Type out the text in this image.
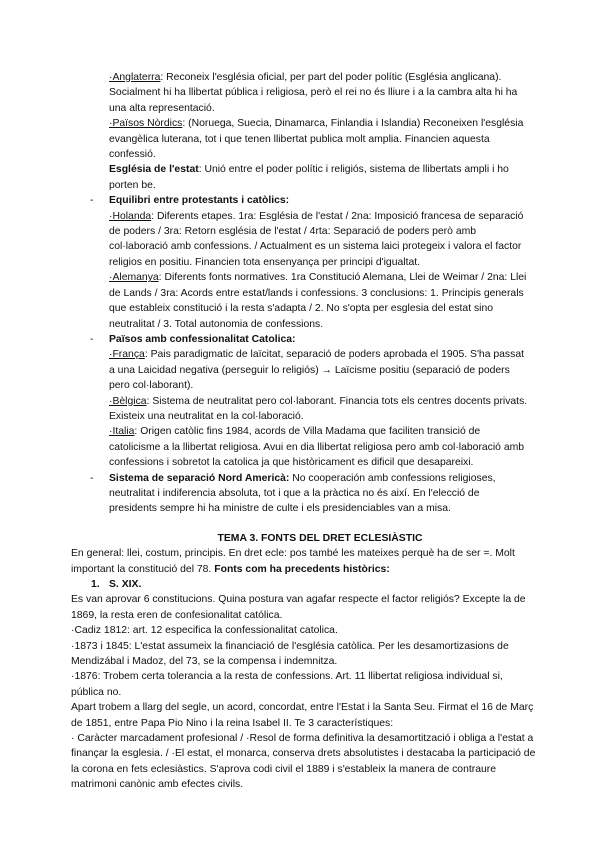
·Anglaterra: Reconeix l'església oficial, per part del poder polític (Església anglicana). Socialment hi ha llibertat pública i religiosa, però el rei no és lliure i a la cambra alta hi ha una alta representació.

·Països Nòrdics: (Noruega, Suecia, Dinamarca, Finlandia i Islandia) Reconeixen l'església evangèlica luterana, tot i que tenen llibertat publica molt amplia. Financien aquesta confessió.

Església de l'estat: Unió entre el poder polític i religiós, sistema de llibertats ampli i ho porten be.

- Equilibri entre protestants i catòlics:

·Holanda: Diferents etapes. 1ra: Església de l'estat / 2na: Imposició francesa de separació de poders / 3ra: Retorn església de l'estat / 4rta: Separació de poders però amb col·laboració amb confessions. / Actualment es un sistema laici protegeix i valora el factor religios en positiu. Financien tota ensenyança per principi d'igualtat.

·Alemanya: Diferents fonts normatives. 1ra Constitució Alemana, Llei de Weimar / 2na: Llei de Lands / 3ra: Acords entre estat/lands i confessions. 3 conclusions: 1. Principis generals que estableix constitució i la resta s'adapta / 2. No s'opta per esglesia del estat sino neutralitat / 3. Total autonomia de confessions.

- Països amb confessionalitat Catolica:

·França: Pais paradigmatic de laïcitat, separació de poders aprobada el 1905. S'ha passat a una Laicidad negativa (perseguir lo religiós) → Laïcisme positiu (separació de poders pero col·laborant).

·Bèlgica: Sistema de neutralitat pero col·laborant. Financia tots els centres docents privats. Existeix una neutralitat en la col·laboració.

·Italia: Origen catòlic fins 1984, acords de Villa Madama que faciliten transició de catolicisme a la llibertat religiosa. Avui en dia llibertat religiosa pero amb col·laboració amb confessions i sobretot la catolica ja que històricament es dificil que desapareixi.

- Sistema de separació Nord Americà: No cooperación amb confessions religioses, neutralitat i indiferencia absoluta, tot i que a la pràctica no és així. En l'elecció de presidents sempre hi ha ministre de culte i els presidenciables van a misa.

TEMA 3. FONTS DEL DRET ECLESIÀSTIC

En general: llei, costum, principis. En dret ecle: pos també les mateixes perquè ha de ser =. Molt important la constitució del 78. Fonts com ha precedents històrics:

1. S. XIX.

Es van aprovar 6 constitucions. Quina postura van agafar respecte el factor religiós? Excepte la de 1869, la resta eren de confesionalitat católica.

·Cadiz 1812: art. 12 especifica la confessionalitat catolica.

·1873 i 1845: L'estat assumeix la financiació de l'església catòlica. Per les desamortizasions de Mendizábal i Madoz, del 73, se la compensa i indemnitza.

·1876: Trobem certa tolerancia a la resta de confessions. Art. 11 llibertat religiosa individual si, pública no.

Apart trobem a llarg del segle, un acord, concordat, entre l'Estat i la Santa Seu. Firmat el 16 de Març de 1851, entre Papa Pio Nino i la reina Isabel II. Te 3 característiques:

· Caràcter marcadament profesional / ·Resol de forma definitiva la desamortització i obliga a l'estat a finançar la esglesia. / ·El estat, el monarca, conserva drets absolutistes i destacaba la participació de la corona en fets eclesiàstics. S'aprova codi civil el 1889 i s'estableix la manera de contraure matrimoni canònic amb efectes civils.
